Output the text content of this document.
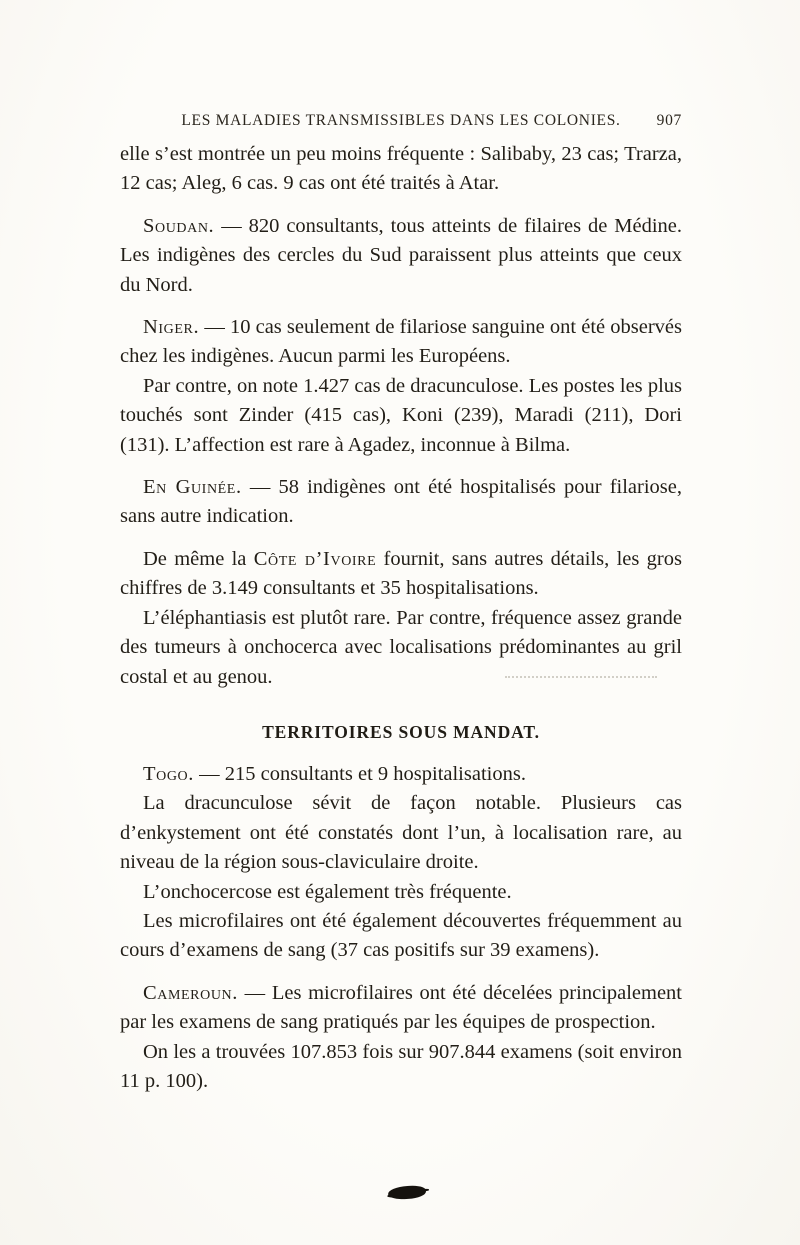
LES MALADIES TRANSMISSIBLES DANS LES COLONIES. 907

elle s’est montrée un peu moins fréquente : Salibaby, 23 cas; Trarza, 12 cas; Aleg, 6 cas. 9 cas ont été traités à Atar.

Soudan. — 820 consultants, tous atteints de filaires de Médine. Les indigènes des cercles du Sud paraissent plus atteints que ceux du Nord.

Niger. — 10 cas seulement de filariose sanguine ont été observés chez les indigènes. Aucun parmi les Européens.

Par contre, on note 1.427 cas de dracunculose. Les postes les plus touchés sont Zinder (415 cas), Koni (239), Maradi (211), Dori (131). L’affection est rare à Agadez, inconnue à Bilma.

En Guinée. — 58 indigènes ont été hospitalisés pour filariose, sans autre indication.

De même la Côte d’Ivoire fournit, sans autres détails, les gros chiffres de 3.149 consultants et 35 hospitalisations.

L’éléphantiasis est plutôt rare. Par contre, fréquence assez grande des tumeurs à onchocerca avec localisations prédominantes au gril costal et au genou.

TERRITOIRES SOUS MANDAT.

Togo. — 215 consultants et 9 hospitalisations.

La dracunculose sévit de façon notable. Plusieurs cas d’enkystement ont été constatés dont l’un, à localisation rare, au niveau de la région sous-claviculaire droite.

L’onchocercose est également très fréquente.

Les microfilaires ont été également découvertes fréquemment au cours d’examens de sang (37 cas positifs sur 39 examens).

Cameroun. — Les microfilaires ont été décelées principalement par les examens de sang pratiqués par les équipes de prospection.

On les a trouvées 107.853 fois sur 907.844 examens (soit environ 11 p. 100).
